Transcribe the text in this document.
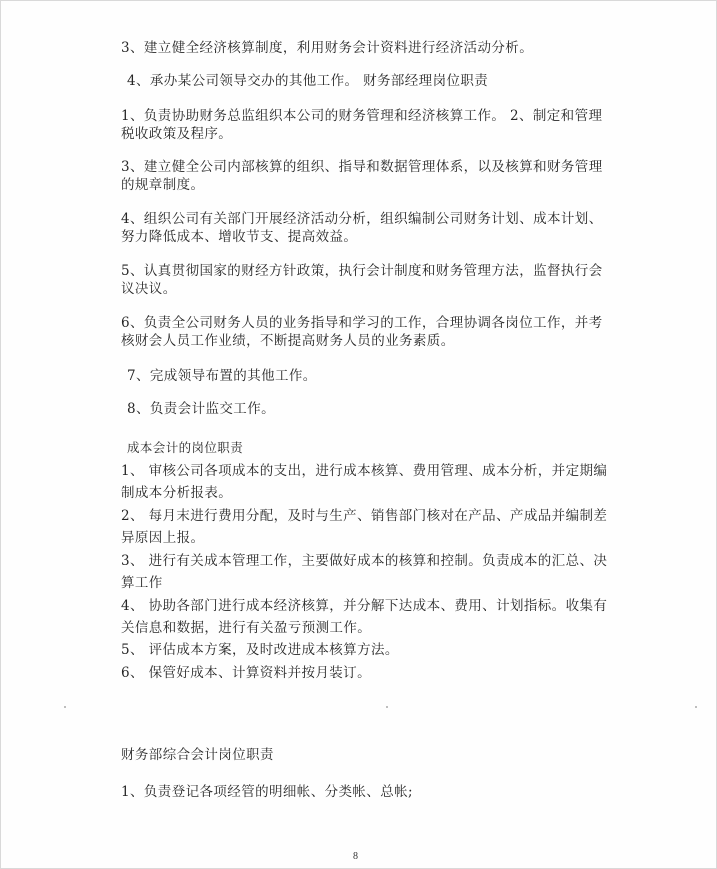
3、建立健全经济核算制度，利用财务会计资料进行经济活动分析。
4、承办某公司领导交办的其他工作。 财务部经理岗位职责
1、负责协助财务总监组织本公司的财务管理和经济核算工作。 2、制定和管理
税收政策及程序。
3、建立健全公司内部核算的组织、指导和数据管理体系，以及核算和财务管理
的规章制度。
4、组织公司有关部门开展经济活动分析，组织编制公司财务计划、成本计划、
努力降低成本、增收节支、提高效益。
5、认真贯彻国家的财经方针政策，执行会计制度和财务管理方法，监督执行会
议决议。
6、负责全公司财务人员的业务指导和学习的工作，合理协调各岗位工作，并考
核财会人员工作业绩，不断提高财务人员的业务素质。
7、完成领导布置的其他工作。
8、负责会计监交工作。
成本会计的岗位职责
1、 审核公司各项成本的支出，进行成本核算、费用管理、成本分析，并定期编
制成本分析报表。
2、 每月末进行费用分配，及时与生产、销售部门核对在产品、产成品并编制差
异原因上报。
3、 进行有关成本管理工作，主要做好成本的核算和控制。负责成本的汇总、决
算工作
4、 协助各部门进行成本经济核算，并分解下达成本、费用、计划指标。收集有
关信息和数据，进行有关盈亏预测工作。
5、 评估成本方案，及时改进成本核算方法。
6、 保管好成本、计算资料并按月装订。
财务部综合会计岗位职责
1、负责登记各项经管的明细帐、分类帐、总帐;
8
